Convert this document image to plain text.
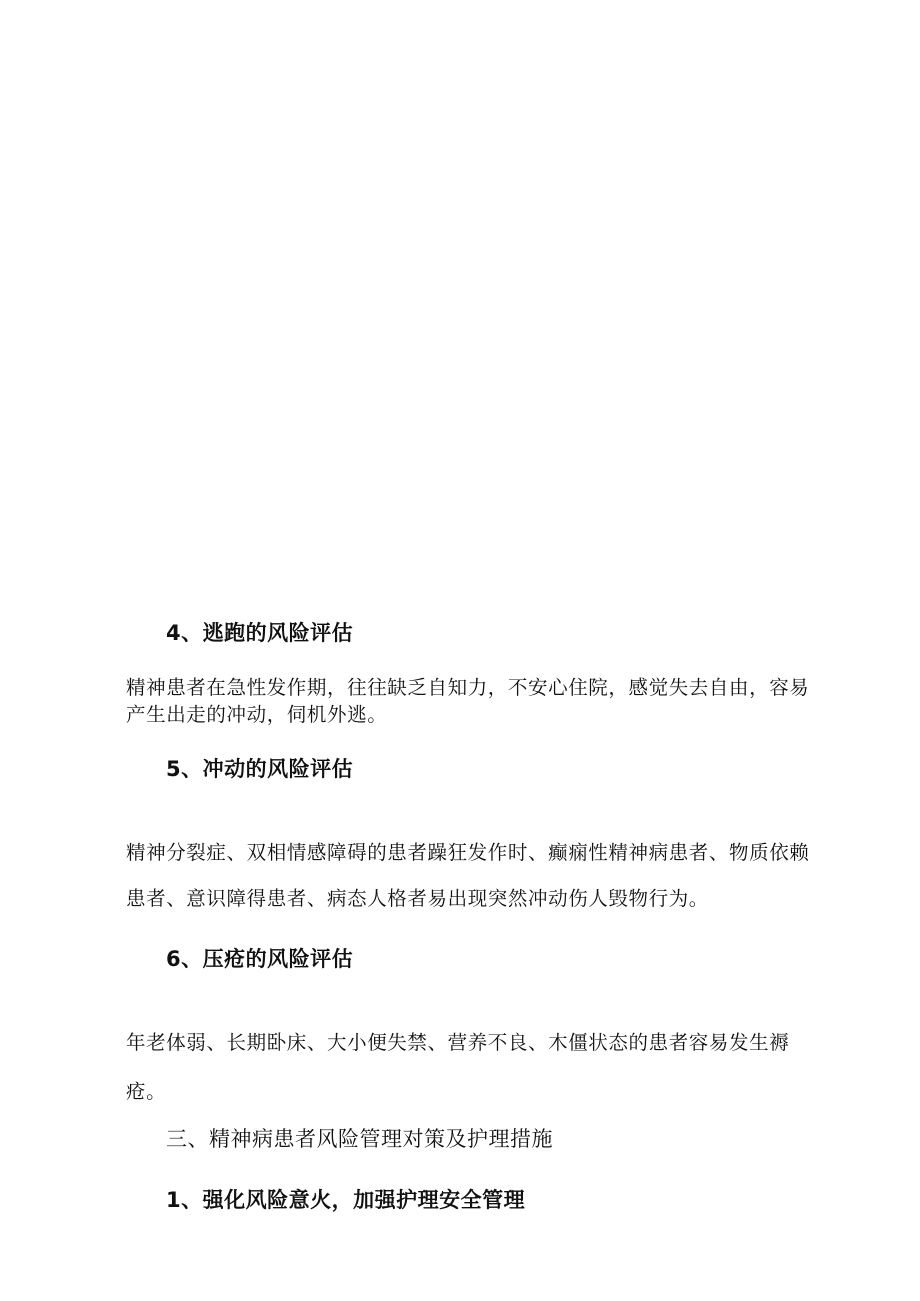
4、逃跑的风险评估
精神患者在急性发作期，往往缺乏自知力，不安心住院，感觉失去自由，容易
产生出走的冲动，伺机外逃。
5、冲动的风险评估
精神分裂症、双相情感障碍的患者躁狂发作时、癫痫性精神病患者、物质依赖
患者、意识障得患者、病态人格者易出现突然冲动伤人毁物行为。
6、压疮的风险评估
年老体弱、长期卧床、大小便失禁、营养不良、木僵状态的患者容易发生褥
疮。
三、精神病患者风险管理对策及护理措施
1、强化风险意火，加强护理安全管理
